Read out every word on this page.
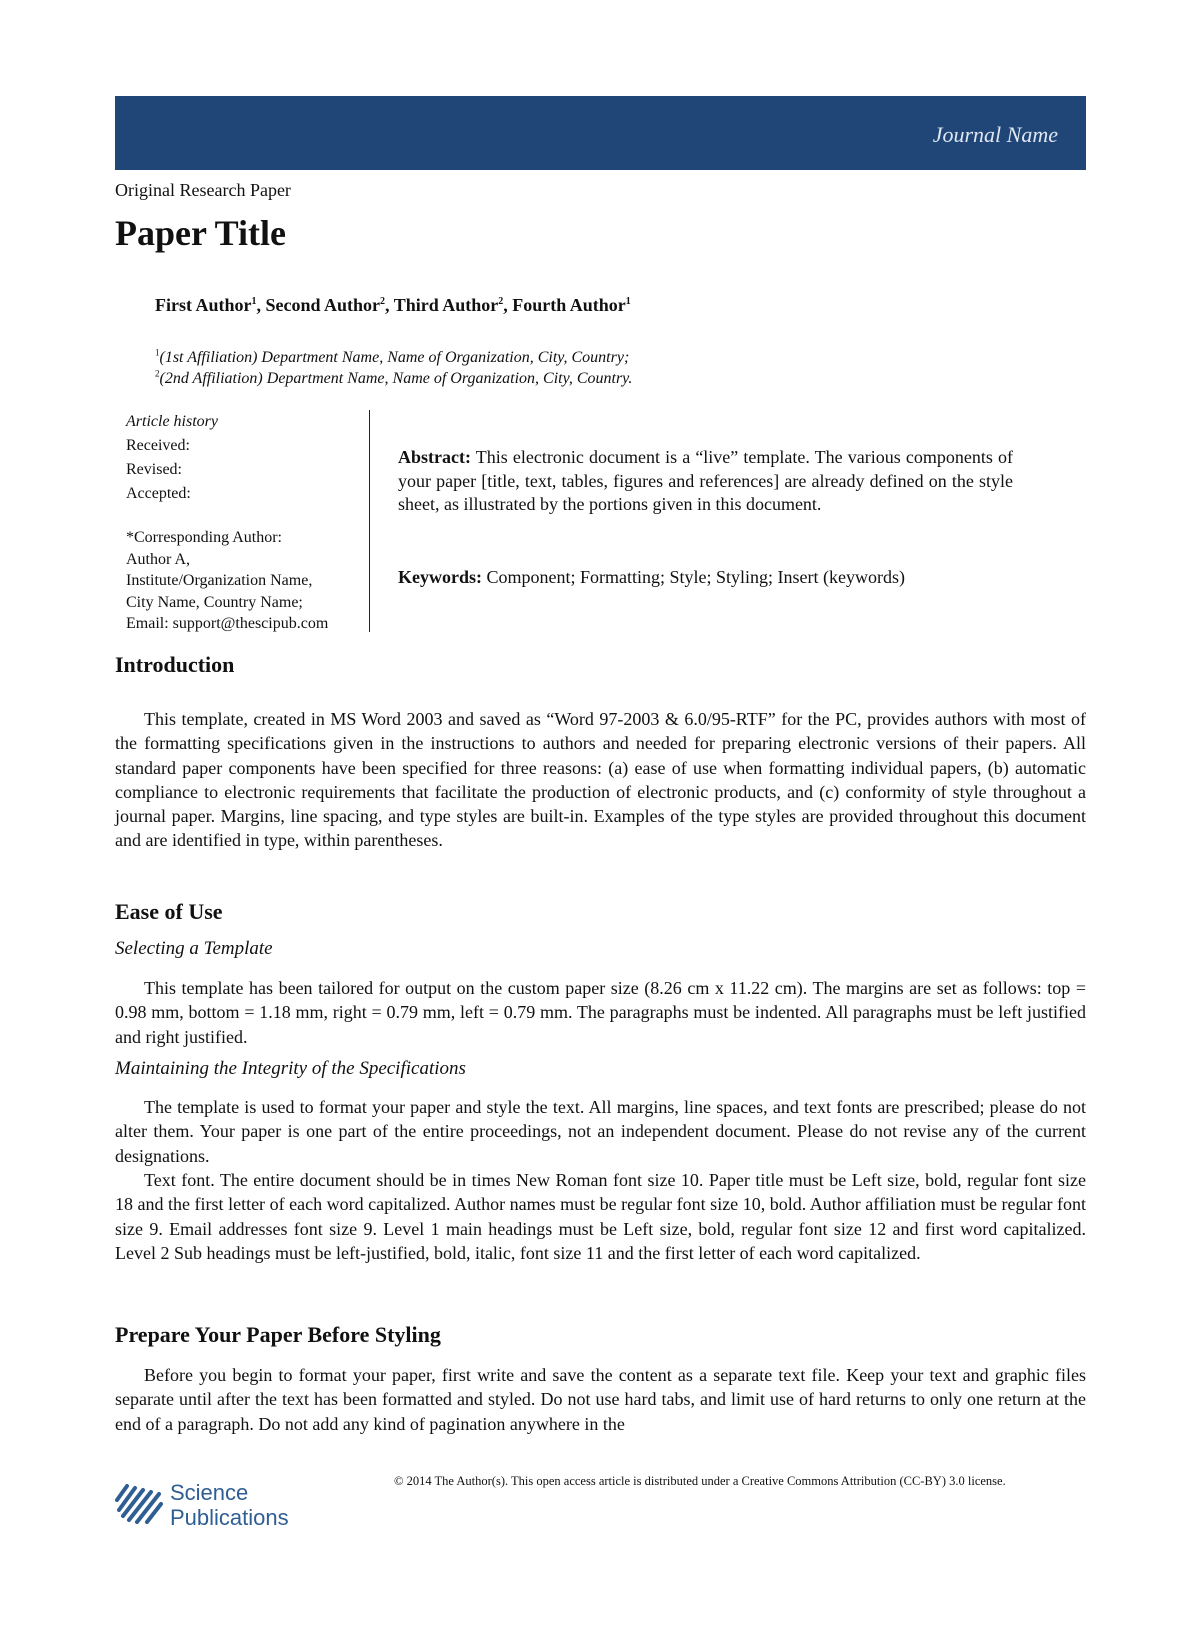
Journal Name
Original Research Paper
Paper Title
First Author$^1$, Second Author$^2$, Third Author$^2$, Fourth Author$^1$
$^1$(1st Affiliation) Department Name, Name of Organization, City, Country;
$^2$(2nd Affiliation) Department Name, Name of Organization, City, Country.
Article history
Received:
Revised:
Accepted:
*Corresponding Author:
Author A,
Institute/Organization Name,
City Name, Country Name;
Email: support@thescipub.com
Abstract: This electronic document is a “live” template. The various components of your paper [title, text, tables, figures and references] are already defined on the style sheet, as illustrated by the portions given in this document.
Keywords: Component; Formatting; Style; Styling; Insert (keywords)
Introduction

This template, created in MS Word 2003 and saved as “Word 97-2003 & 6.0/95-RTF” for the PC, provides authors with most of the formatting specifications given in the instructions to authors and needed for preparing electronic versions of their papers. All standard paper components have been specified for three reasons: (a) ease of use when formatting individual papers, (b) automatic compliance to electronic requirements that facilitate the production of electronic products, and (c) conformity of style throughout a journal paper. Margins, line spacing, and type styles are built-in. Examples of the type styles are provided throughout this document and are identified in type, within parentheses.

Ease of Use
Selecting a Template

This template has been tailored for output on the custom paper size (8.26 cm x 11.22 cm). The margins are set as follows: top = 0.98 mm, bottom = 1.18 mm, right = 0.79 mm, left = 0.79 mm. The paragraphs must be indented. All paragraphs must be left justified and right justified.

Maintaining the Integrity of the Specifications

The template is used to format your paper and style the text. All margins, line spaces, and text fonts are prescribed; please do not alter them. Your paper is one part of the entire proceedings, not an independent document. Please do not revise any of the current designations.

Text font. The entire document should be in times New Roman font size 10. Paper title must be Left size, bold, regular font size 18 and the first letter of each word capitalized. Author names must be regular font size 10, bold. Author affiliation must be regular font size 9. Email addresses font size 9. Level 1 main headings must be Left size, bold, regular font size 12 and first word capitalized. Level 2 Sub headings must be left-justified, bold, italic, font size 11 and the first letter of each word capitalized.

Prepare Your Paper Before Styling

Before you begin to format your paper, first write and save the content as a separate text file. Keep your text and graphic files separate until after the text has been formatted and styled. Do not use hard tabs, and limit use of hard returns to only one return at the end of a paragraph. Do not add any kind of pagination anywhere in the

Science
Publications
© 2014 The Author(s). This open access article is distributed under a Creative Commons Attribution (CC-BY) 3.0 license.
